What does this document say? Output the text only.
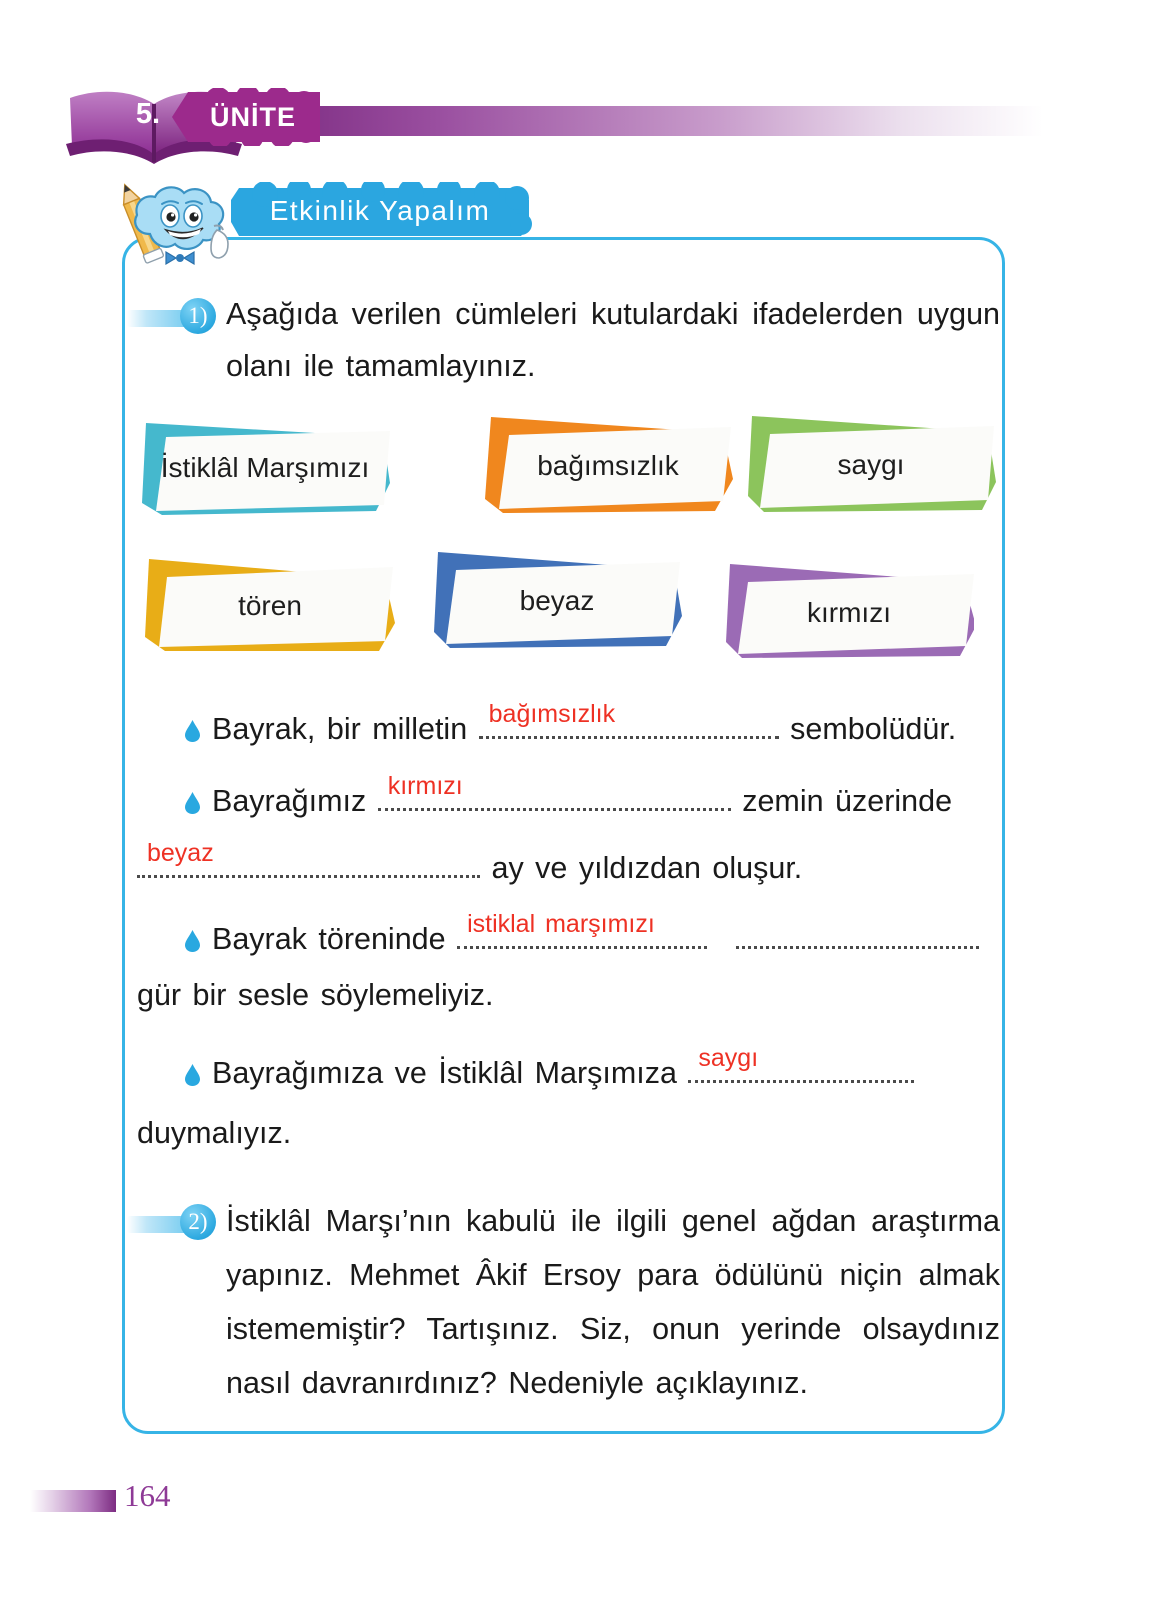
ÜNİTE
5.
Etkinlik Yapalım
1) Aşağıda verilen cümleleri kutulardaki ifadelerden uygun olanı ile tamamlayınız.
İstiklâl Marşımızı	bağımsızlık	saygı
tören	beyaz	kırmızı
Bayrak, bir milletin bağımsızlık	sembolüdür.
Bayrağımız kırmızı	zemin üzerinde
beyaz	ay ve yıldızdan oluşur.
Bayrak töreninde istiklal marşımızı

gür bir sesle söylemeliyiz.
Bayrağımıza ve İstiklâl Marşımıza saygı
duymalıyız.
2) İstiklâl Marşı’nın kabulü ile ilgili genel ağdan araştırma yapınız. Mehmet Âkif Ersoy para ödülünü niçin almak istememiştir? Tartışınız. Siz, onun yerinde olsaydınız nasıl davranırdınız? Nedeniyle açıklayınız.
164
